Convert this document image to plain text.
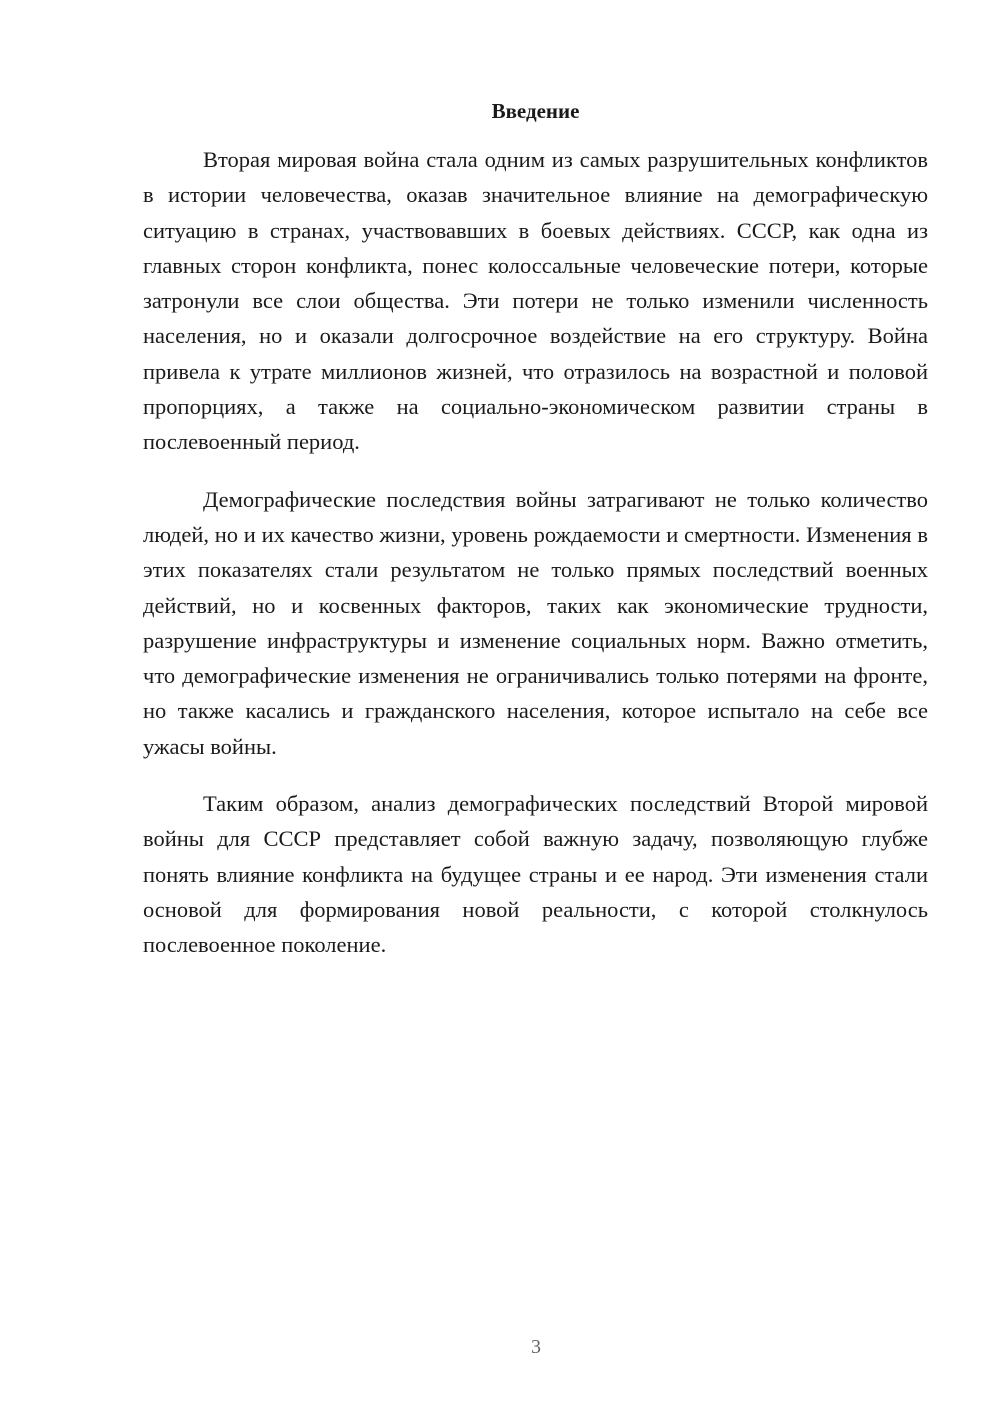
Введение

Вторая мировая война стала одним из самых разрушительных конфликтов в истории человечества, оказав значительное влияние на демографическую ситуацию в странах, участвовавших в боевых действиях. СССР, как одна из главных сторон конфликта, понес колоссальные человеческие потери, которые затронули все слои общества. Эти потери не только изменили численность населения, но и оказали долгосрочное воздействие на его структуру. Война привела к утрате миллионов жизней, что отразилось на возрастной и половой пропорциях, а также на социально-экономическом развитии страны в послевоенный период.

Демографические последствия войны затрагивают не только количество людей, но и их качество жизни, уровень рождаемости и смертности. Изменения в этих показателях стали результатом не только прямых последствий военных действий, но и косвенных факторов, таких как экономические трудности, разрушение инфраструктуры и изменение социальных норм. Важно отметить, что демографические изменения не ограничивались только потерями на фронте, но также касались и гражданского населения, которое испытало на себе все ужасы войны.

Таким образом, анализ демографических последствий Второй мировой войны для СССР представляет собой важную задачу, позволяющую глубже понять влияние конфликта на будущее страны и ее народ. Эти изменения стали основой для формирования новой реальности, с которой столкнулось послевоенное поколение.

3
